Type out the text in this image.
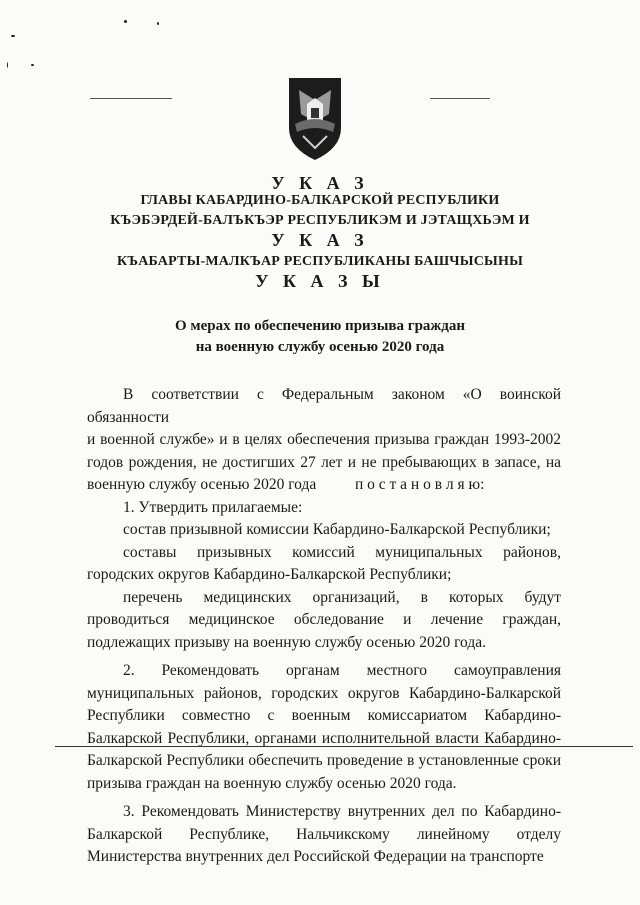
У К А З
ГЛАВЫ КАБАРДИНО-БАЛКАРСКОЙ РЕСПУБЛИКИ
КЪЭБЭРДЕЙ-БАЛЪКЪЭР РЕСПУБЛИКЭМ И ЈЭТАЩХЬЭМ И
У К А З
КЪАБАРТЫ-МАЛКЪАР РЕСПУБЛИКАНЫ БАШЧЫСЫНЫ
У К А З Ы
О мерах по обеспечению призыва граждан
на военную службу осенью 2020 года

В соответствии с Федеральным законом «О воинской обязанности

и военной службе» и в целях обеспечения призыва граждан 1993-2002 годов рождения, не достигших 27 лет и не пребывающих в запасе, на военную службу осенью 2020 года	п о с т а н о в л я ю:

1. Утвердить прилагаемые:

состав призывной комиссии Кабардино-Балкарской Республики;

составы призывных комиссий муниципальных районов, городских округов Кабардино-Балкарской Республики;

перечень медицинских организаций, в которых будут проводиться медицинское обследование и лечение граждан, подлежащих призыву на военную службу осенью 2020 года.

2. Рекомендовать органам местного самоуправления муниципальных районов, городских округов Кабардино-Балкарской Республики совместно с военным комиссариатом Кабардино-Балкарской Республики, органами исполнительной власти Кабардино-Балкарской Республики обеспечить проведение в установленные сроки призыва граждан на военную службу осенью 2020 года.

3. Рекомендовать Министерству внутренних дел по Кабардино-Балкарской Республике, Нальчикскому линейному отделу Министерства внутренних дел Российской Федерации на транспорте
